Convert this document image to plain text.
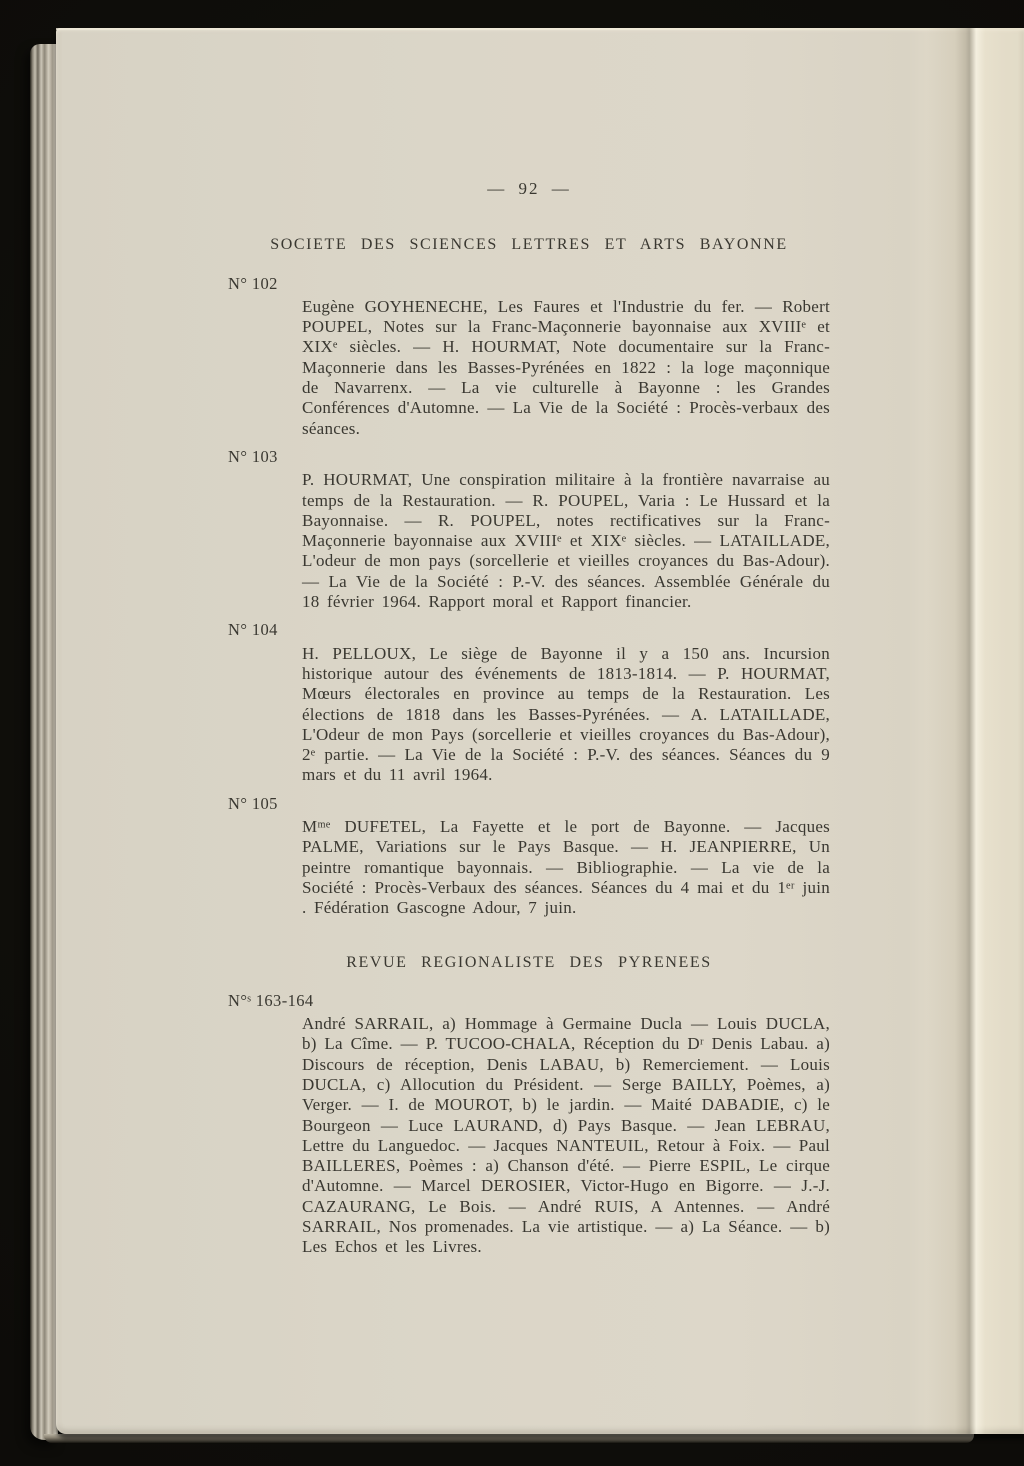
— 92 —
SOCIETE DES SCIENCES LETTRES ET ARTS BAYONNE
N° 102
Eugène GOYHENECHE, Les Faures et l'Industrie du fer. — Robert POUPEL, Notes sur la Franc-Maçonnerie bayonnaise aux XVIIIᵉ et XIXᵉ siècles. — H. HOURMAT, Note documentaire sur la Franc-Maçonnerie dans les Basses-Pyrénées en 1822 : la loge maçonnique de Navarrenx. — La vie culturelle à Bayonne : les Grandes Conférences d'Automne. — La Vie de la Société : Procès-verbaux des séances.
N° 103
P. HOURMAT, Une conspiration militaire à la frontière navarraise au temps de la Restauration. — R. POUPEL, Varia : Le Hussard et la Bayonnaise. — R. POUPEL, notes rectificatives sur la Franc-Maçonnerie bayonnaise aux XVIIIᵉ et XIXᵉ siècles. — LATAILLADE, L'odeur de mon pays (sorcellerie et vieilles croyances du Bas-Adour). — La Vie de la Société : P.-V. des séances. Assemblée Générale du 18 février 1964. Rapport moral et Rapport financier.
N° 104
H. PELLOUX, Le siège de Bayonne il y a 150 ans. Incursion historique autour des événements de 1813-1814. — P. HOURMAT, Mœurs électorales en province au temps de la Restauration. Les élections de 1818 dans les Basses-Pyrénées. — A. LATAILLADE, L'Odeur de mon Pays (sorcellerie et vieilles croyances du Bas-Adour), 2ᵉ partie. — La Vie de la Société : P.-V. des séances. Séances du 9 mars et du 11 avril 1964.
N° 105
Mᵐᵉ DUFETEL, La Fayette et le port de Bayonne. — Jacques PALME, Variations sur le Pays Basque. — H. JEANPIERRE, Un peintre romantique bayonnais. — Bibliographie. — La vie de la Société : Procès-Verbaux des séances. Séances du 4 mai et du 1ᵉʳ juin . Fédération Gascogne Adour, 7 juin.
REVUE REGIONALISTE DES PYRENEES
N°ˢ 163-164
André SARRAIL, a) Hommage à Germaine Ducla — Louis DUCLA, b) La Cîme. — P. TUCOO-CHALA, Réception du Dʳ Denis Labau. a) Discours de réception, Denis LABAU, b) Remerciement. — Louis DUCLA, c) Allocution du Président. — Serge BAILLY, Poèmes, a) Verger. — I. de MOUROT, b) le jardin. — Maité DABADIE, c) le Bourgeon — Luce LAURAND, d) Pays Basque. — Jean LEBRAU, Lettre du Languedoc. — Jacques NANTEUIL, Retour à Foix. — Paul BAILLERES, Poèmes : a) Chanson d'été. — Pierre ESPIL, Le cirque d'Automne. — Marcel DEROSIER, Victor-Hugo en Bigorre. — J.-J. CAZAURANG, Le Bois. — André RUIS, A Antennes. — André SARRAIL, Nos promenades. La vie artistique. — a) La Séance. — b) Les Echos et les Livres.
